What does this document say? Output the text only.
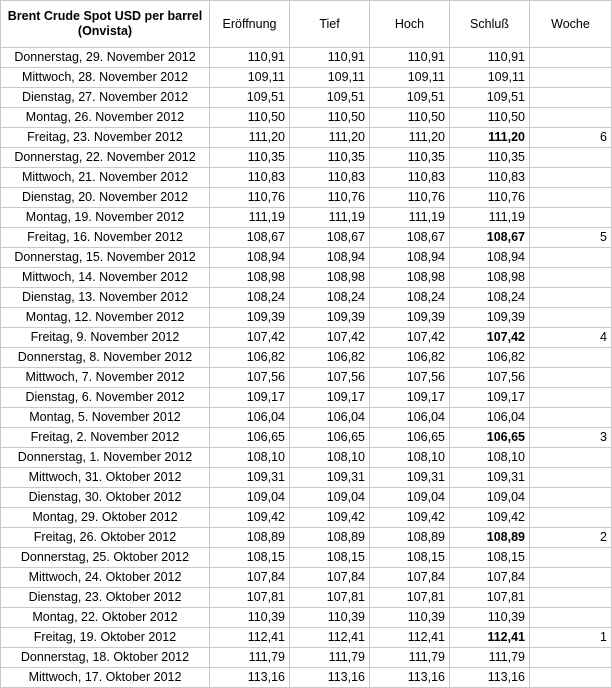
Brent Crude Spot USD per barrel (Onvista)	Eröffnung	Tief	Hoch	Schluß	Woche
Donnerstag, 29. November 2012	110,91	110,91	110,91	110,91	
Mittwoch, 28. November 2012	109,11	109,11	109,11	109,11	
Dienstag, 27. November 2012	109,51	109,51	109,51	109,51	
Montag, 26. November 2012	110,50	110,50	110,50	110,50	
Freitag, 23. November 2012	111,20	111,20	111,20	111,20	6
Donnerstag, 22. November 2012	110,35	110,35	110,35	110,35	
Mittwoch, 21. November 2012	110,83	110,83	110,83	110,83	
Dienstag, 20. November 2012	110,76	110,76	110,76	110,76	
Montag, 19. November 2012	111,19	111,19	111,19	111,19	
Freitag, 16. November 2012	108,67	108,67	108,67	108,67	5
Donnerstag, 15. November 2012	108,94	108,94	108,94	108,94	
Mittwoch, 14. November 2012	108,98	108,98	108,98	108,98	
Dienstag, 13. November 2012	108,24	108,24	108,24	108,24	
Montag, 12. November 2012	109,39	109,39	109,39	109,39	
Freitag, 9. November 2012	107,42	107,42	107,42	107,42	4
Donnerstag, 8. November 2012	106,82	106,82	106,82	106,82	
Mittwoch, 7. November 2012	107,56	107,56	107,56	107,56	
Dienstag, 6. November 2012	109,17	109,17	109,17	109,17	
Montag, 5. November 2012	106,04	106,04	106,04	106,04	
Freitag, 2. November 2012	106,65	106,65	106,65	106,65	3
Donnerstag, 1. November 2012	108,10	108,10	108,10	108,10	
Mittwoch, 31. Oktober 2012	109,31	109,31	109,31	109,31	
Dienstag, 30. Oktober 2012	109,04	109,04	109,04	109,04	
Montag, 29. Oktober 2012	109,42	109,42	109,42	109,42	
Freitag, 26. Oktober 2012	108,89	108,89	108,89	108,89	2
Donnerstag, 25. Oktober 2012	108,15	108,15	108,15	108,15	
Mittwoch, 24. Oktober 2012	107,84	107,84	107,84	107,84	
Dienstag, 23. Oktober 2012	107,81	107,81	107,81	107,81	
Montag, 22. Oktober 2012	110,39	110,39	110,39	110,39	
Freitag, 19. Oktober 2012	112,41	112,41	112,41	112,41	1
Donnerstag, 18. Oktober 2012	111,79	111,79	111,79	111,79	
Mittwoch, 17. Oktober 2012	113,16	113,16	113,16	113,16	
